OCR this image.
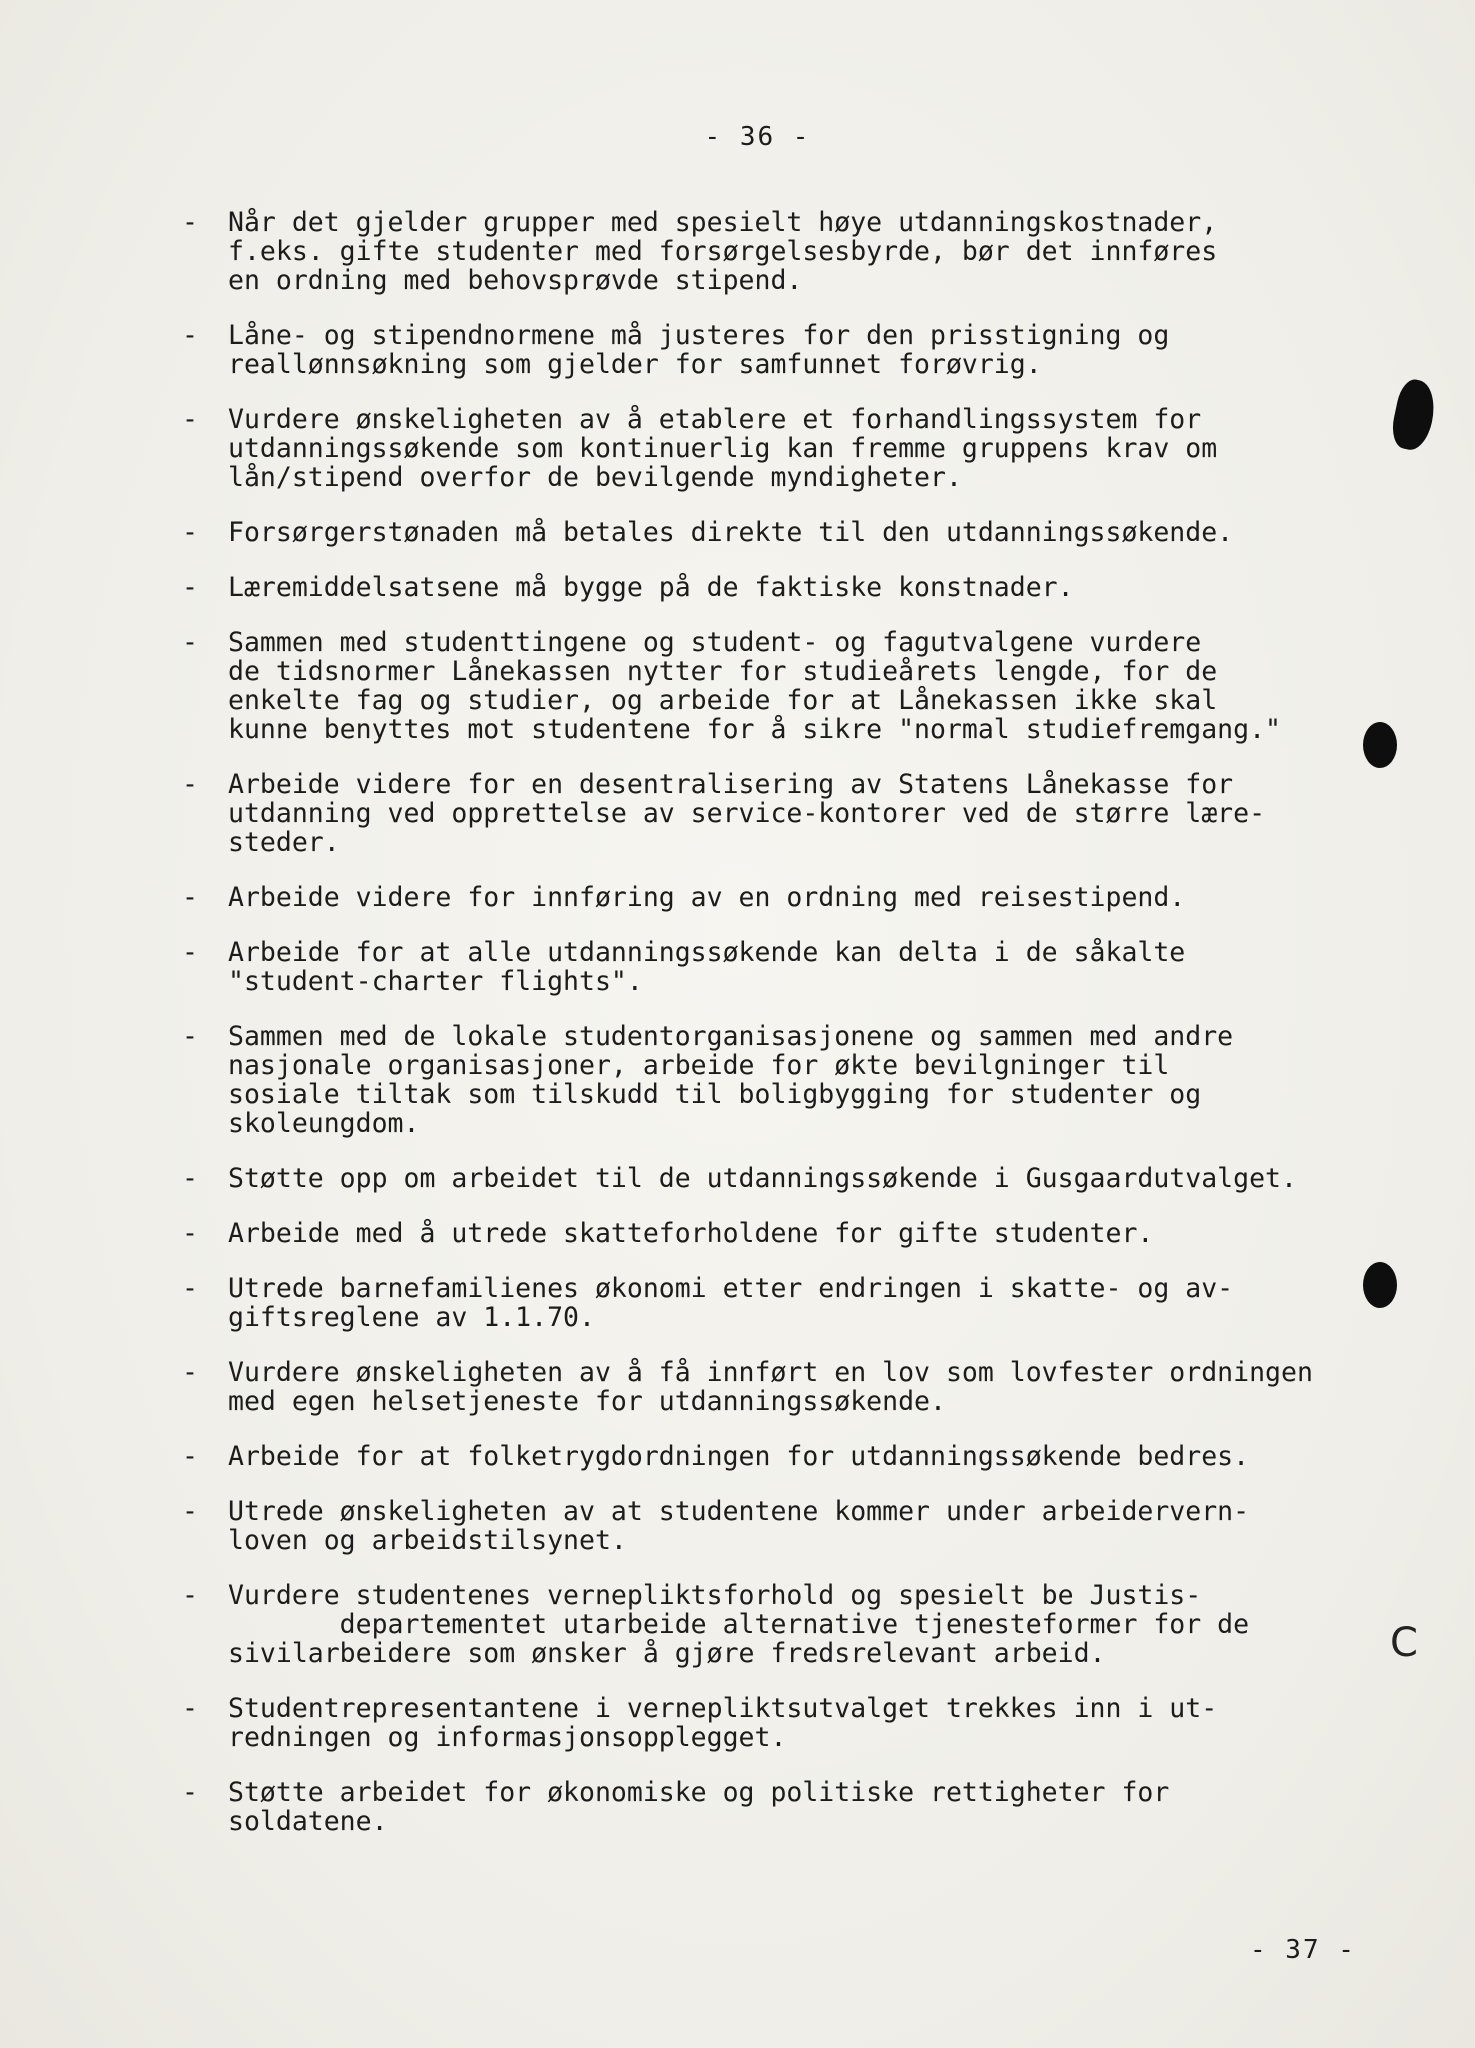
- 36 -
- Når det gjelder grupper med spesielt høye utdanningskostnader,
f.eks. gifte studenter med forsørgelsesbyrde, bør det innføres
en ordning med behovsprøvde stipend.
- Låne- og stipendnormene må justeres for den prisstigning og
reallønnsøkning som gjelder for samfunnet forøvrig.
- Vurdere ønskeligheten av å etablere et forhandlingssystem for
utdanningssøkende som kontinuerlig kan fremme gruppens krav om
lån/stipend overfor de bevilgende myndigheter.
- Forsørgerstønaden må betales direkte til den utdanningssøkende.
- Læremiddelsatsene må bygge på de faktiske konstnader.
- Sammen med studenttingene og student- og fagutvalgene vurdere
de tidsnormer Lånekassen nytter for studieårets lengde, for de
enkelte fag og studier, og arbeide for at Lånekassen ikke skal
kunne benyttes mot studentene for å sikre "normal studiefremgang."
- Arbeide videre for en desentralisering av Statens Lånekasse for
utdanning ved opprettelse av service-kontorer ved de større lære-
steder.
- Arbeide videre for innføring av en ordning med reisestipend.
- Arbeide for at alle utdanningssøkende kan delta i de såkalte
"student-charter flights".
- Sammen med de lokale studentorganisasjonene og sammen med andre
nasjonale organisasjoner, arbeide for økte bevilgninger til
sosiale tiltak som tilskudd til boligbygging for studenter og
skoleungdom.
- Støtte opp om arbeidet til de utdanningssøkende i Gusgaardutvalget.
- Arbeide med å utrede skatteforholdene for gifte studenter.
- Utrede barnefamilienes økonomi etter endringen i skatte- og av-
giftsreglene av 1.1.70.
- Vurdere ønskeligheten av å få innført en lov som lovfester ordningen
med egen helsetjeneste for utdanningssøkende.
- Arbeide for at folketrygdordningen for utdanningssøkende bedres.
- Utrede ønskeligheten av at studentene kommer under arbeidervern-
loven og arbeidstilsynet.
- Vurdere studentenes vernepliktsforhold og spesielt be Justis-
departementet utarbeide alternative tjenesteformer for de
sivilarbeidere som ønsker å gjøre fredsrelevant arbeid.
- Studentrepresentantene i vernepliktsutvalget trekkes inn i ut-
redningen og informasjonsopplegget.
- Støtte arbeidet for økonomiske og politiske rettigheter for
soldatene.
- 37 -
C
